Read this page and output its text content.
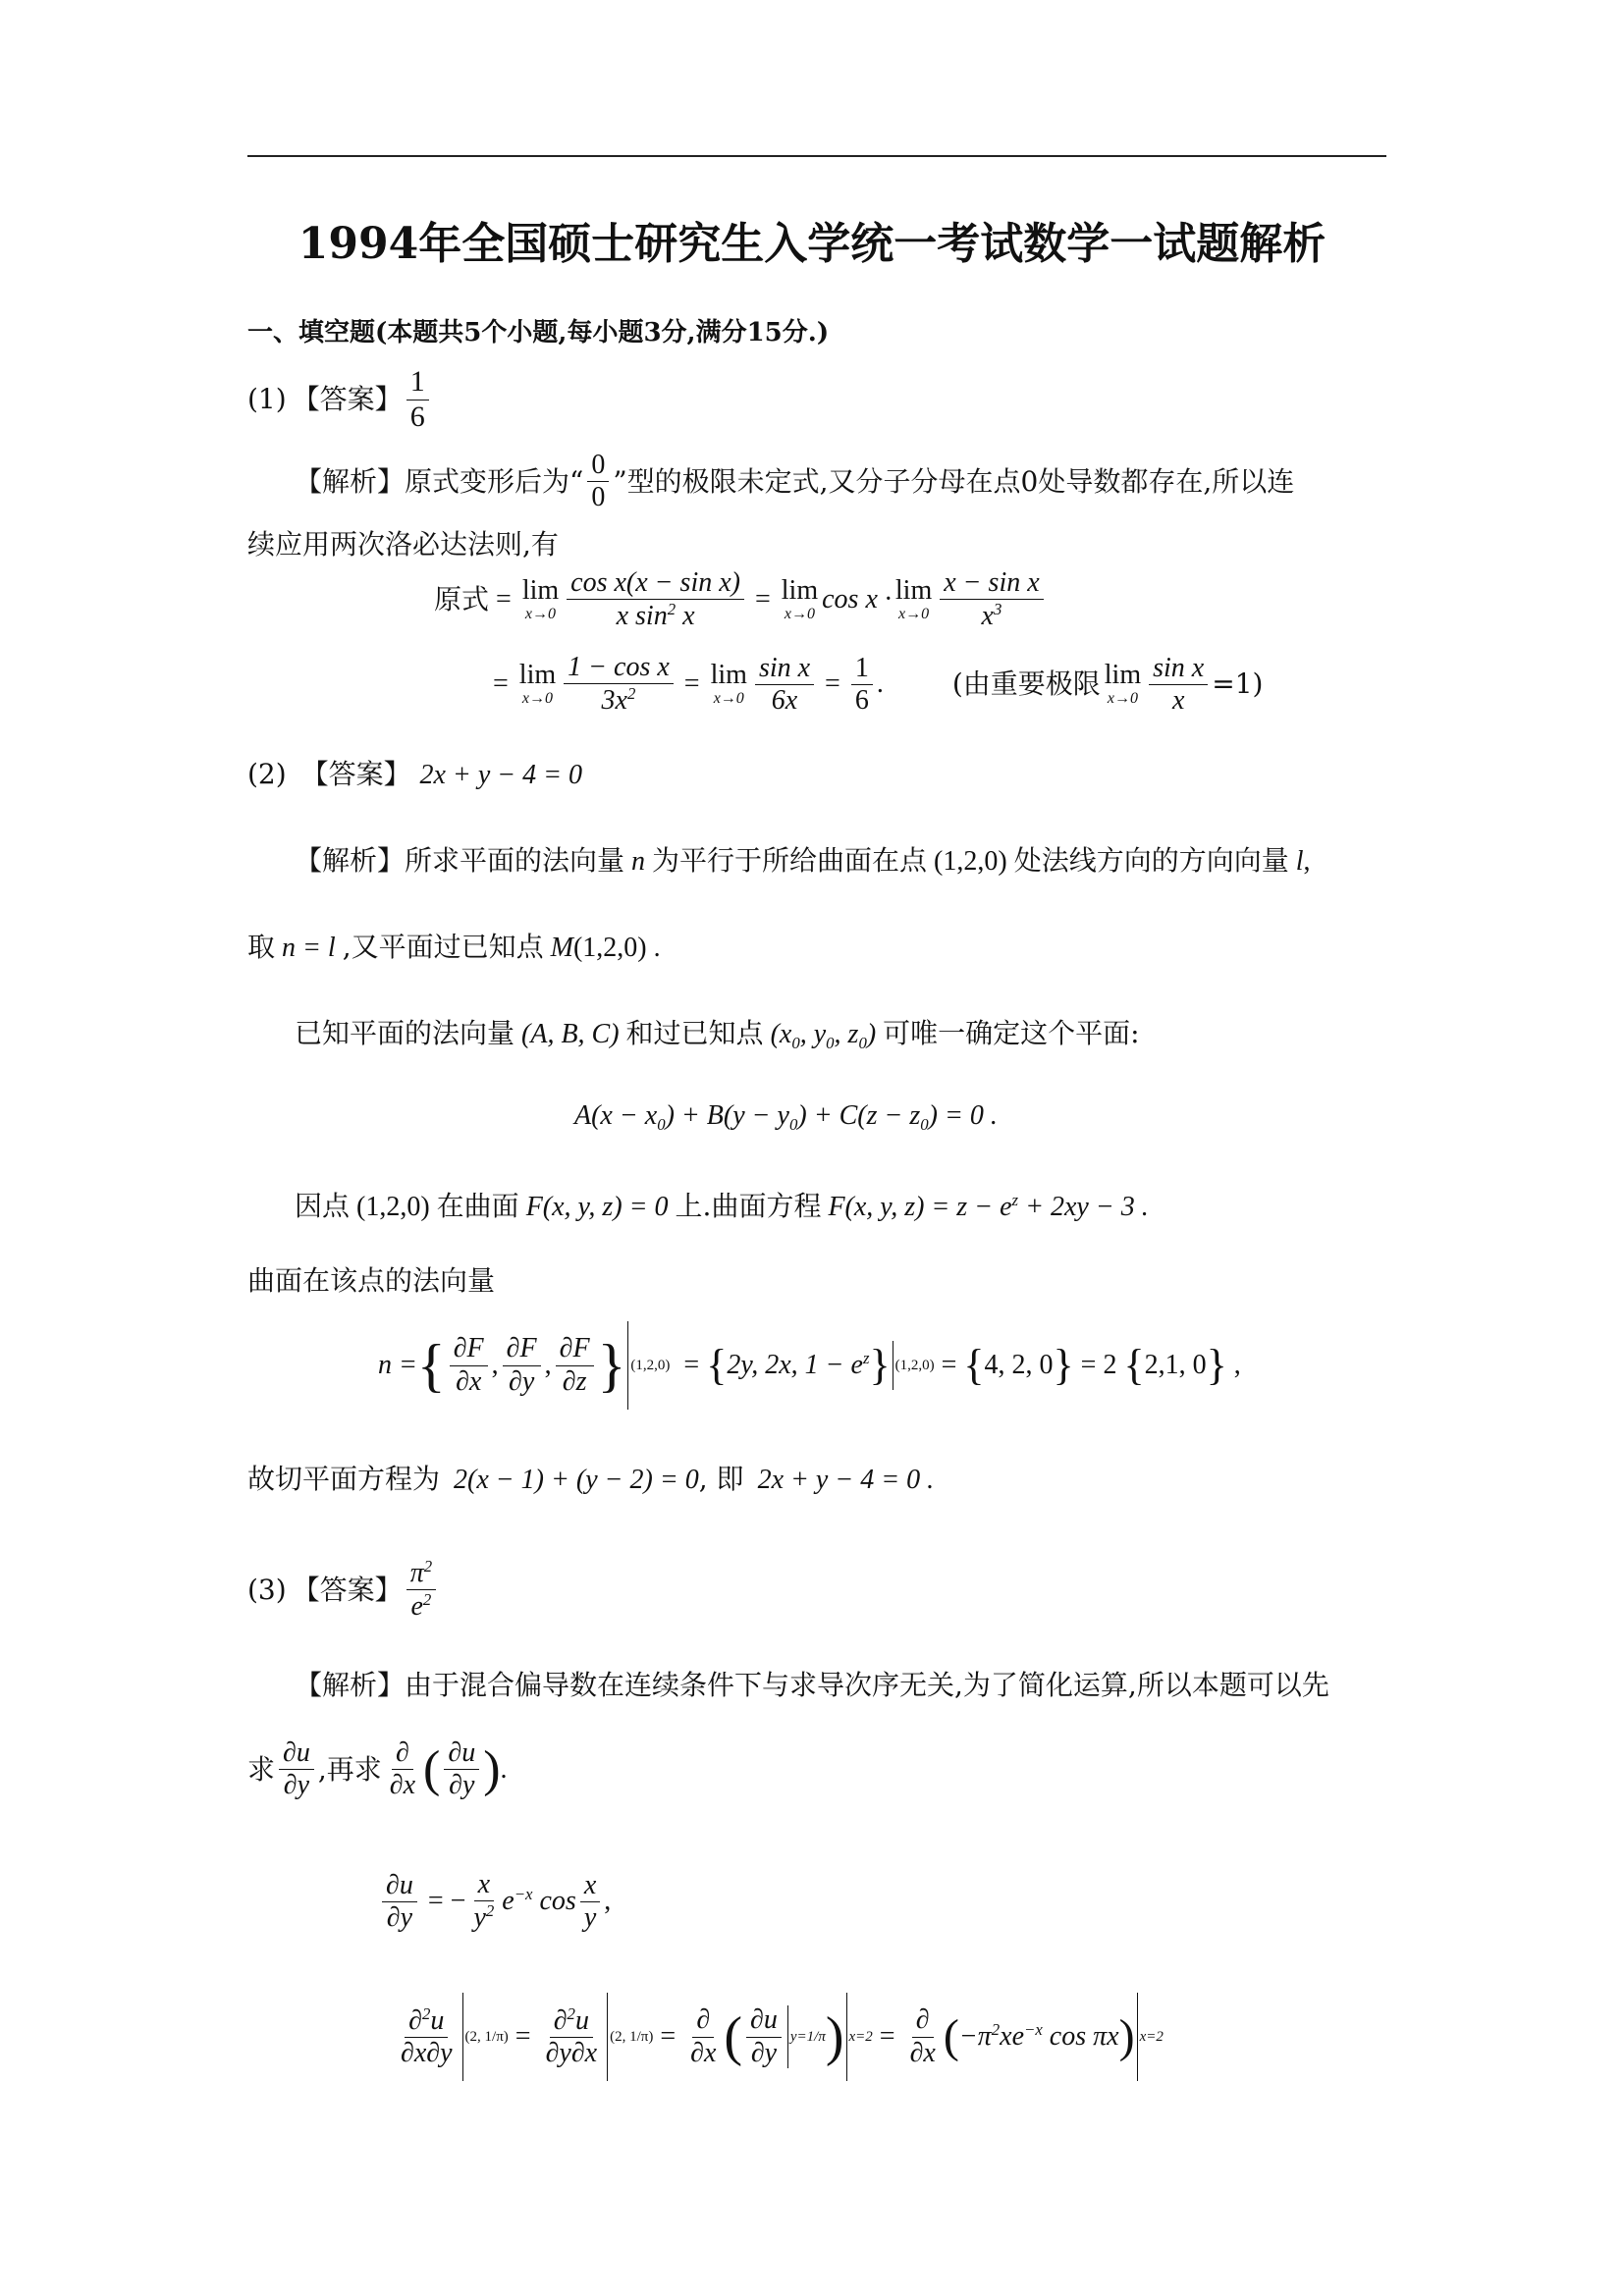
1994年全国硕士研究生入学统一考试数学一试题解析
一、填空题(本题共5个小题,每小题3分,满分15分.)
(1) 【答案】 $\frac{1}{6}$
【解析】 原式变形后为“ $\frac{0}{0}$ ”型的极限未定式,又分子分母在点0处导数都存在,所以连
续应用两次洛必达法则,有
原式 = lim
$x\to 0 \frac{\text{cos x(x − sin x)}}{x \sin^2 x} = \lim$
x→0 cos x · lim
$x\to 0 \frac{\text{x − sin x}}{x^3}$
= lim
$x\to 0 \frac{\text{1 − cos x}}{3x^2} = \lim$
$x\to 0 \frac{\text{sin x}}{6x} = \frac{1}{6}$ .	(由重要极限 lim
$x\to 0 \frac{\text{sin x}}{x} =1$)
(2) 【答案】 2x + y − 4 = 0
【解析】所求平面的法向量 n 为平行于所给曲面在点 (1,2,0) 处法线方向的方向向量 l,
取 n = l ,又平面过已知点 M(1,2,0) .
已知平面的法向量 (A, B, C) 和过已知点 ($x_0$, $y_0$, $z_0$) 可唯一确定这个平面:
$A(x - x_0) + B(y - y_0) + C(z - z_0) = 0$ .
因点 (1,2,0) 在曲面 F(x, y, z) = 0 上.曲面方程 F(x, y, $z) = z - e^z + 2xy - 3$ .
曲面在该点的法向量
n = { $\frac{\partial F}{\partial x}$ , $\frac{\partial F}{\partial y}$ , $\frac{\partial F}{\partial z}$ } (1,2,0) = { 2y, 2x, $1 - e^z$ } (1,2,0) = { 4, 2, 0 } = 2 { 2,1, 0 } ,
故切平面方程为  2(x − 1) + (y − 2) = 0, 即  2x + y − 4 = 0 .
(3) 【答案】 $\frac{\pi^2}{e^2}$
【解析】由于混合偏导数在连续条件下与求导次序无关,为了简化运算,所以本题可以先
求 $\frac{\partial u}{\partial y}$ ,再求 $\frac{\partial}{\partial x}$ ( $\frac{\partial u}{\partial y}$ ) .
$\frac{\partial u}{\partial y}$ = − $\frac{x}{y^2} e^{-x}$ $\cos \frac{x}{y}$ ,
$\frac{\partial^2u}{\partial x\partial y} (2$, $1/\pi) = \frac{\partial^2u}{\partial y\partial x} (2$, $1/\pi) = \frac{\partial}{\partial x}$ ( $\frac{\partial u}{\partial y} y=1/\pi$ ) $x=2 = \frac{\partial}{\partial x}$ ( $-\pi^2xe^{-x}$ cos πx ) x=2
